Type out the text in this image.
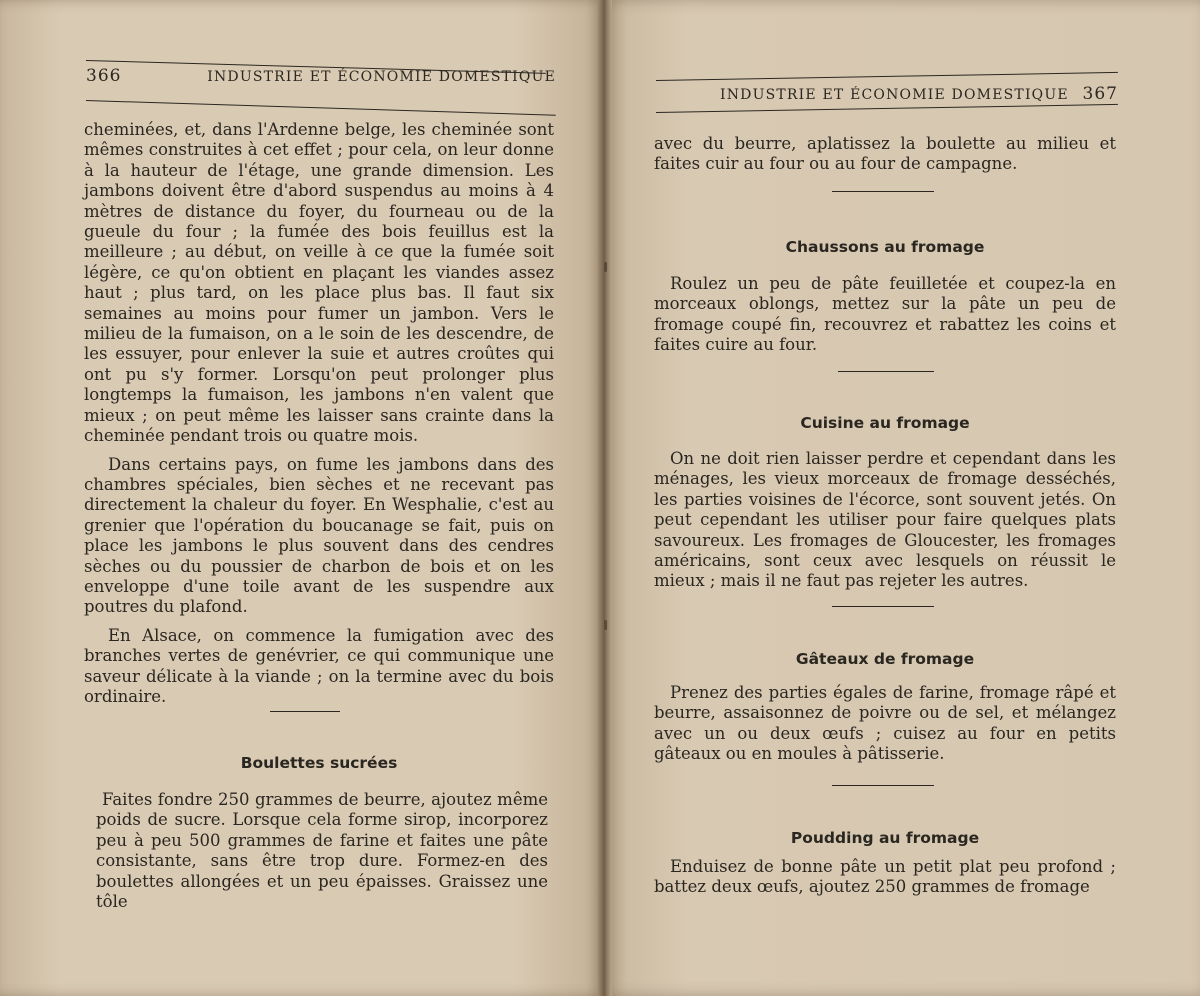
366	INDUSTRIE ET ÉCONOMIE DOMESTIQUE

cheminées, et, dans l'Ardenne belge, les cheminée sont mêmes construites à cet effet ; pour cela, on leur donne à la hauteur de l'étage, une grande dimension. Les jambons doivent être d'abord suspendus au moins à 4 mètres de distance du foyer, du fourneau ou de la gueule du four ; la fumée des bois feuillus est la meilleure ; au début, on veille à ce que la fumée soit légère, ce qu'on obtient en plaçant les viandes assez haut ; plus tard, on les place plus bas. Il faut six semaines au moins pour fumer un jambon. Vers le milieu de la fumaison, on a le soin de les descendre, de les essuyer, pour enlever la suie et autres croûtes qui ont pu s'y former. Lorsqu'on peut prolonger plus longtemps la fumaison, les jambons n'en valent que mieux ; on peut même les laisser sans crainte dans la cheminée pendant trois ou quatre mois.

Dans certains pays, on fume les jambons dans des chambres spéciales, bien sèches et ne recevant pas directement la chaleur du foyer. En Wesphalie, c'est au grenier que l'opération du boucanage se fait, puis on place les jambons le plus souvent dans des cendres sèches ou du poussier de charbon de bois et on les enveloppe d'une toile avant de les suspendre aux poutres du plafond.

En Alsace, on commence la fumigation avec des branches vertes de genévrier, ce qui communique une saveur délicate à la viande ; on la termine avec du bois ordinaire.

Boulettes sucrées
Faites fondre 250 grammes de beurre, ajoutez même poids de sucre. Lorsque cela forme sirop, incorporez peu à peu 500 grammes de farine et faites une pâte consistante, sans être trop dure. Formez-en des boulettes allongées et un peu épaisses. Graissez une tôle
INDUSTRIE ET ÉCONOMIE DOMESTIQUE 367
avec du beurre, aplatissez la boulette au milieu et faites cuir au four ou au four de campagne.
Chaussons au fromage
Roulez un peu de pâte feuilletée et coupez-la en morceaux oblongs, mettez sur la pâte un peu de fromage coupé fin, recouvrez et rabattez les coins et faites cuire au four.
Cuisine au fromage
On ne doit rien laisser perdre et cependant dans les ménages, les vieux morceaux de fromage desséchés, les parties voisines de l'écorce, sont souvent jetés. On peut cependant les utiliser pour faire quelques plats savoureux. Les fromages de Gloucester, les fromages américains, sont ceux avec lesquels on réussit le mieux ; mais il ne faut pas rejeter les autres.
Gâteaux de fromage
Prenez des parties égales de farine, fromage râpé et beurre, assaisonnez de poivre ou de sel, et mélangez avec un ou deux œufs ; cuisez au four en petits gâteaux ou en moules à pâtisserie.
Poudding au fromage
Enduisez de bonne pâte un petit plat peu profond ; battez deux œufs, ajoutez 250 grammes de fromage
